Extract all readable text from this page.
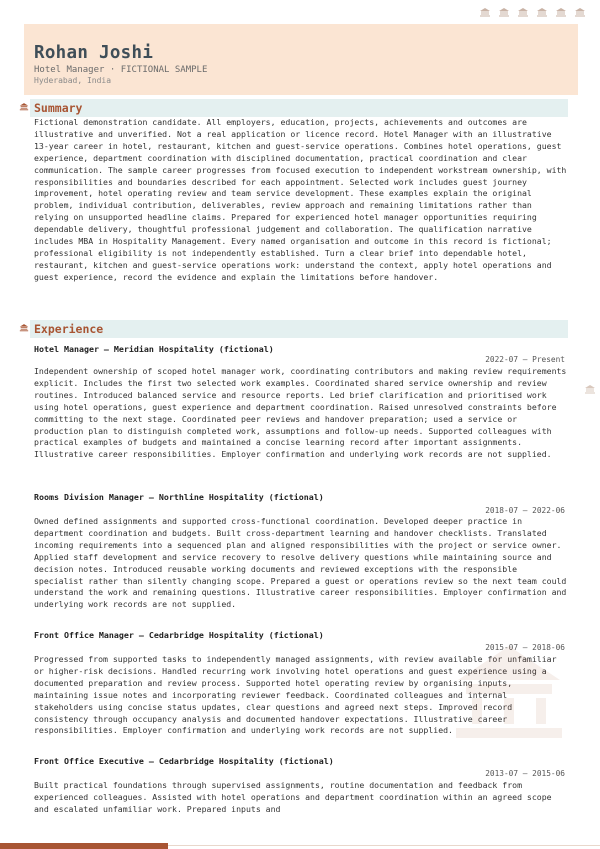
Rohan Joshi
Hotel Manager · FICTIONAL SAMPLE
Hyderabad, India
Summary

Fictional demonstration candidate. All employers, education, projects, achievements and outcomes are illustrative and unverified. Not a real application or licence record. Hotel Manager with an illustrative 13-year career in hotel, restaurant, kitchen and guest-service operations. Combines hotel operations, guest experience, department coordination with disciplined documentation, practical coordination and clear communication. The sample career progresses from focused execution to independent workstream ownership, with responsibilities and boundaries described for each appointment. Selected work includes guest journey improvement, hotel operating review and team service development. These examples explain the original problem, individual contribution, deliverables, review approach and remaining limitations rather than relying on unsupported headline claims. Prepared for experienced hotel manager opportunities requiring dependable delivery, thoughtful professional judgement and collaboration. The qualification narrative includes MBA in Hospitality Management. Every named organisation and outcome in this record is fictional; professional eligibility is not independently established. Turn a clear brief into dependable hotel, restaurant, kitchen and guest-service operations work: understand the context, apply hotel operations and guest experience, record the evidence and explain the limitations before handover.

Experience
Hotel Manager – Meridian Hospitality (fictional)
2022-07 – Present

Independent ownership of scoped hotel manager work, coordinating contributors and making review requirements explicit. Includes the first two selected work examples. Coordinated shared service ownership and review routines. Introduced balanced service and resource reports. Led brief clarification and prioritised work using hotel operations, guest experience and department coordination. Raised unresolved constraints before committing to the next stage. Coordinated peer reviews and handover preparation; used a service or production plan to distinguish completed work, assumptions and follow-up needs. Supported colleagues with practical examples of budgets and maintained a concise learning record after important assignments. Illustrative career responsibilities. Employer confirmation and underlying work records are not supplied.

Rooms Division Manager – Northline Hospitality (fictional)
2018-07 – 2022-06

Owned defined assignments and supported cross-functional coordination. Developed deeper practice in department coordination and budgets. Built cross-department learning and handover checklists. Translated incoming requirements into a sequenced plan and aligned responsibilities with the project or service owner. Applied staff development and service recovery to resolve delivery questions while maintaining source and decision notes. Introduced reusable working documents and reviewed exceptions with the responsible specialist rather than silently changing scope. Prepared a guest or operations review so the next team could understand the work and remaining questions. Illustrative career responsibilities. Employer confirmation and underlying work records are not supplied.

Front Office Manager – Cedarbridge Hospitality (fictional)
2015-07 – 2018-06

Progressed from supported tasks to independently managed assignments, with review available for unfamiliar or higher-risk decisions. Handled recurring work involving hotel operations and guest experience using a documented preparation and review process. Supported hotel operating review by organising inputs, maintaining issue notes and incorporating reviewer feedback. Coordinated colleagues and internal stakeholders using concise status updates, clear questions and agreed next steps. Improved record consistency through occupancy analysis and documented handover expectations. Illustrative career responsibilities. Employer confirmation and underlying work records are not supplied.

Front Office Executive – Cedarbridge Hospitality (fictional)
2013-07 – 2015-06

Built practical foundations through supervised assignments, routine documentation and feedback from experienced colleagues. Assisted with hotel operations and department coordination within an agreed scope and escalated unfamiliar work. Prepared inputs and
